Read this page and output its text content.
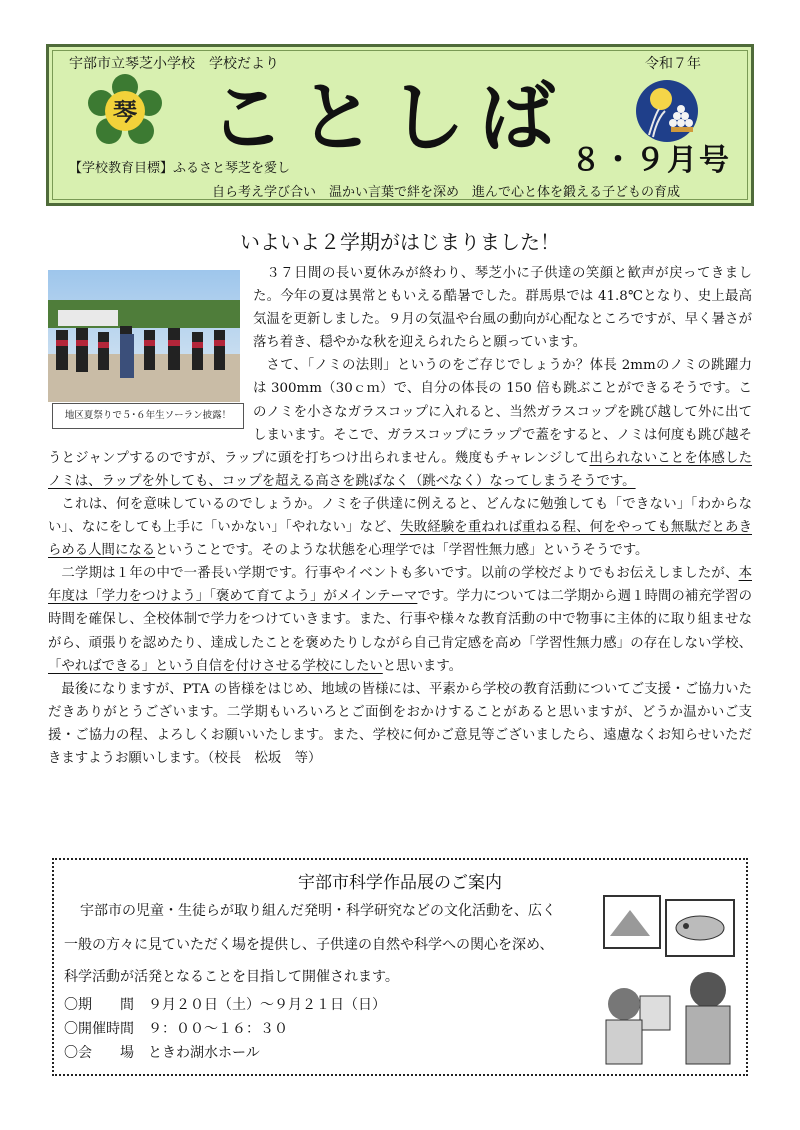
宇部市立琴芝小学校　学校だより	令和７年
琴 ことしば ８・９月号
【学校教育目標】ふるさと琴芝を愛し
自ら考え学び合い　温かい言葉で絆を深め　進んで心と体を鍛える子どもの育成
いよいよ２学期がはじまりました！

３７日間の長い夏休みが終わり、琴芝小に子供達の笑顔と歓声が戻ってきました。今年の夏は異常ともいえる酷暑でした。群馬県では 41.8℃となり、史上最高気温を更新しました。９月の気温や台風の動向が心配なところですが、早く暑さが落ち着き、穏やかな秋を迎えられたらと願っています。

さて、「ノミの法則」というのをご存じでしょうか？体長 2mmのノミの跳躍力は 300mm（30ｃｍ）で、自分の体長の 150 倍も跳ぶことができるそうです。このノミを小さなガラスコップに入れると、当然ガラスコップを跳び越して外に出てしまいます。そこで、ガラスコップにラップで蓋をすると、ノミは何度も跳び越そうとジャンプするのですが、ラップに頭を打ちつけ出られません。幾度もチャレンジして出られないことを体感したノミは、ラップを外しても、コップを超える高さを跳ばなく（跳べなく）なってしまうそうです。

これは、何を意味しているのでしょうか。ノミを子供達に例えると、どんなに勉強しても「できない」「わからない」、なにをしても上手に「いかない」「やれない」など、失敗経験を重ねれば重ねる程、何をやっても無駄だとあきらめる人間になるということです。そのような状態を心理学では「学習性無力感」というそうです。

二学期は１年の中で一番長い学期です。行事やイベントも多いです。以前の学校だよりでもお伝えしましたが、本年度は「学力をつけよう」「褒めて育てよう」がメインテーマです。学力については二学期から週１時間の補充学習の時間を確保し、全校体制で学力をつけていきます。また、行事や様々な教育活動の中で物事に主体的に取り組ませながら、頑張りを認めたり、達成したことを褒めたりしながら自己肯定感を高め「学習性無力感」の存在しない学校、「やればできる」という自信を付けさせる学校にしたいと思います。

最後になりますが、PTA の皆様をはじめ、地域の皆様には、平素から学校の教育活動についてご支援・ご協力いただきありがとうございます。二学期もいろいろとご面倒をおかけすることがあると思いますが、どうか温かいご支援・ご協力の程、よろしくお願いいたします。また、学校に何かご意見等ございましたら、遠慮なくお知らせいただきますようお願いします。（校長　松坂　等）

地区夏祭りで５･６年生ソーラン披露！
宇部市科学作品展のご案内
宇部市の児童・生徒らが取り組んだ発明・科学研究などの文化活動を、広く
一般の方々に見ていただく場を提供し、子供達の自然や科学への関心を深め、
科学活動が活発となることを目指して開催されます。
〇期　　間　９月２０日（土）～９月２１日（日）
〇開催時間　９：００～１６：３０
〇会　　場　ときわ湖水ホール
